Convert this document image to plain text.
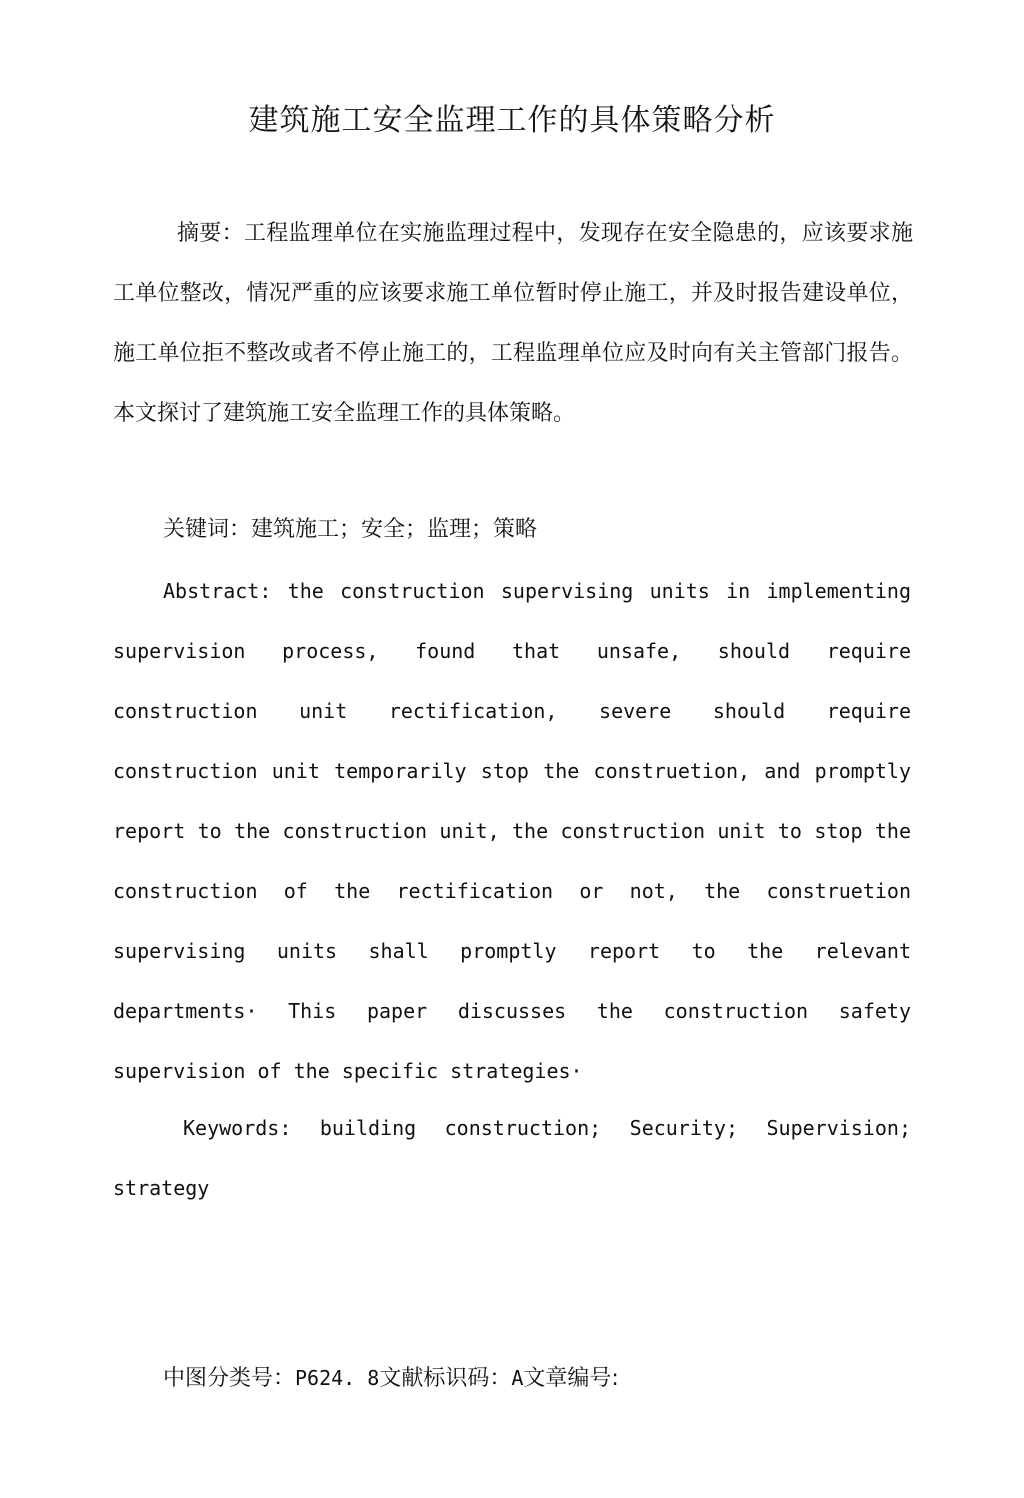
建筑施工安全监理工作的具体策略分析
摘要：工程监理单位在实施监理过程中，发现存在安全隐患的，应该要求施工单位整改，情况严重的应该要求施工单位暂时停止施工，并及时报告建设单位，施工单位拒不整改或者不停止施工的，工程监理单位应及时向有关主管部门报告。本文探讨了建筑施工安全监理工作的具体策略。
关键词：建筑施工；安全；监理；策略
Abstract: the construction supervising units in implementing supervision process, found that unsafe, should require construction unit rectification, severe should require construction unit temporarily stop the construetion, and promptly report to the construction unit, the construction unit to stop the construction of the rectification or not, the construetion supervising units shall promptly report to the relevant departments· This paper discusses the construction safety supervision of the specific strategies·
Keywords: building construction; Security; Supervision; strategy
中图分类号：P624. 8文献标识码：A文章编号:
